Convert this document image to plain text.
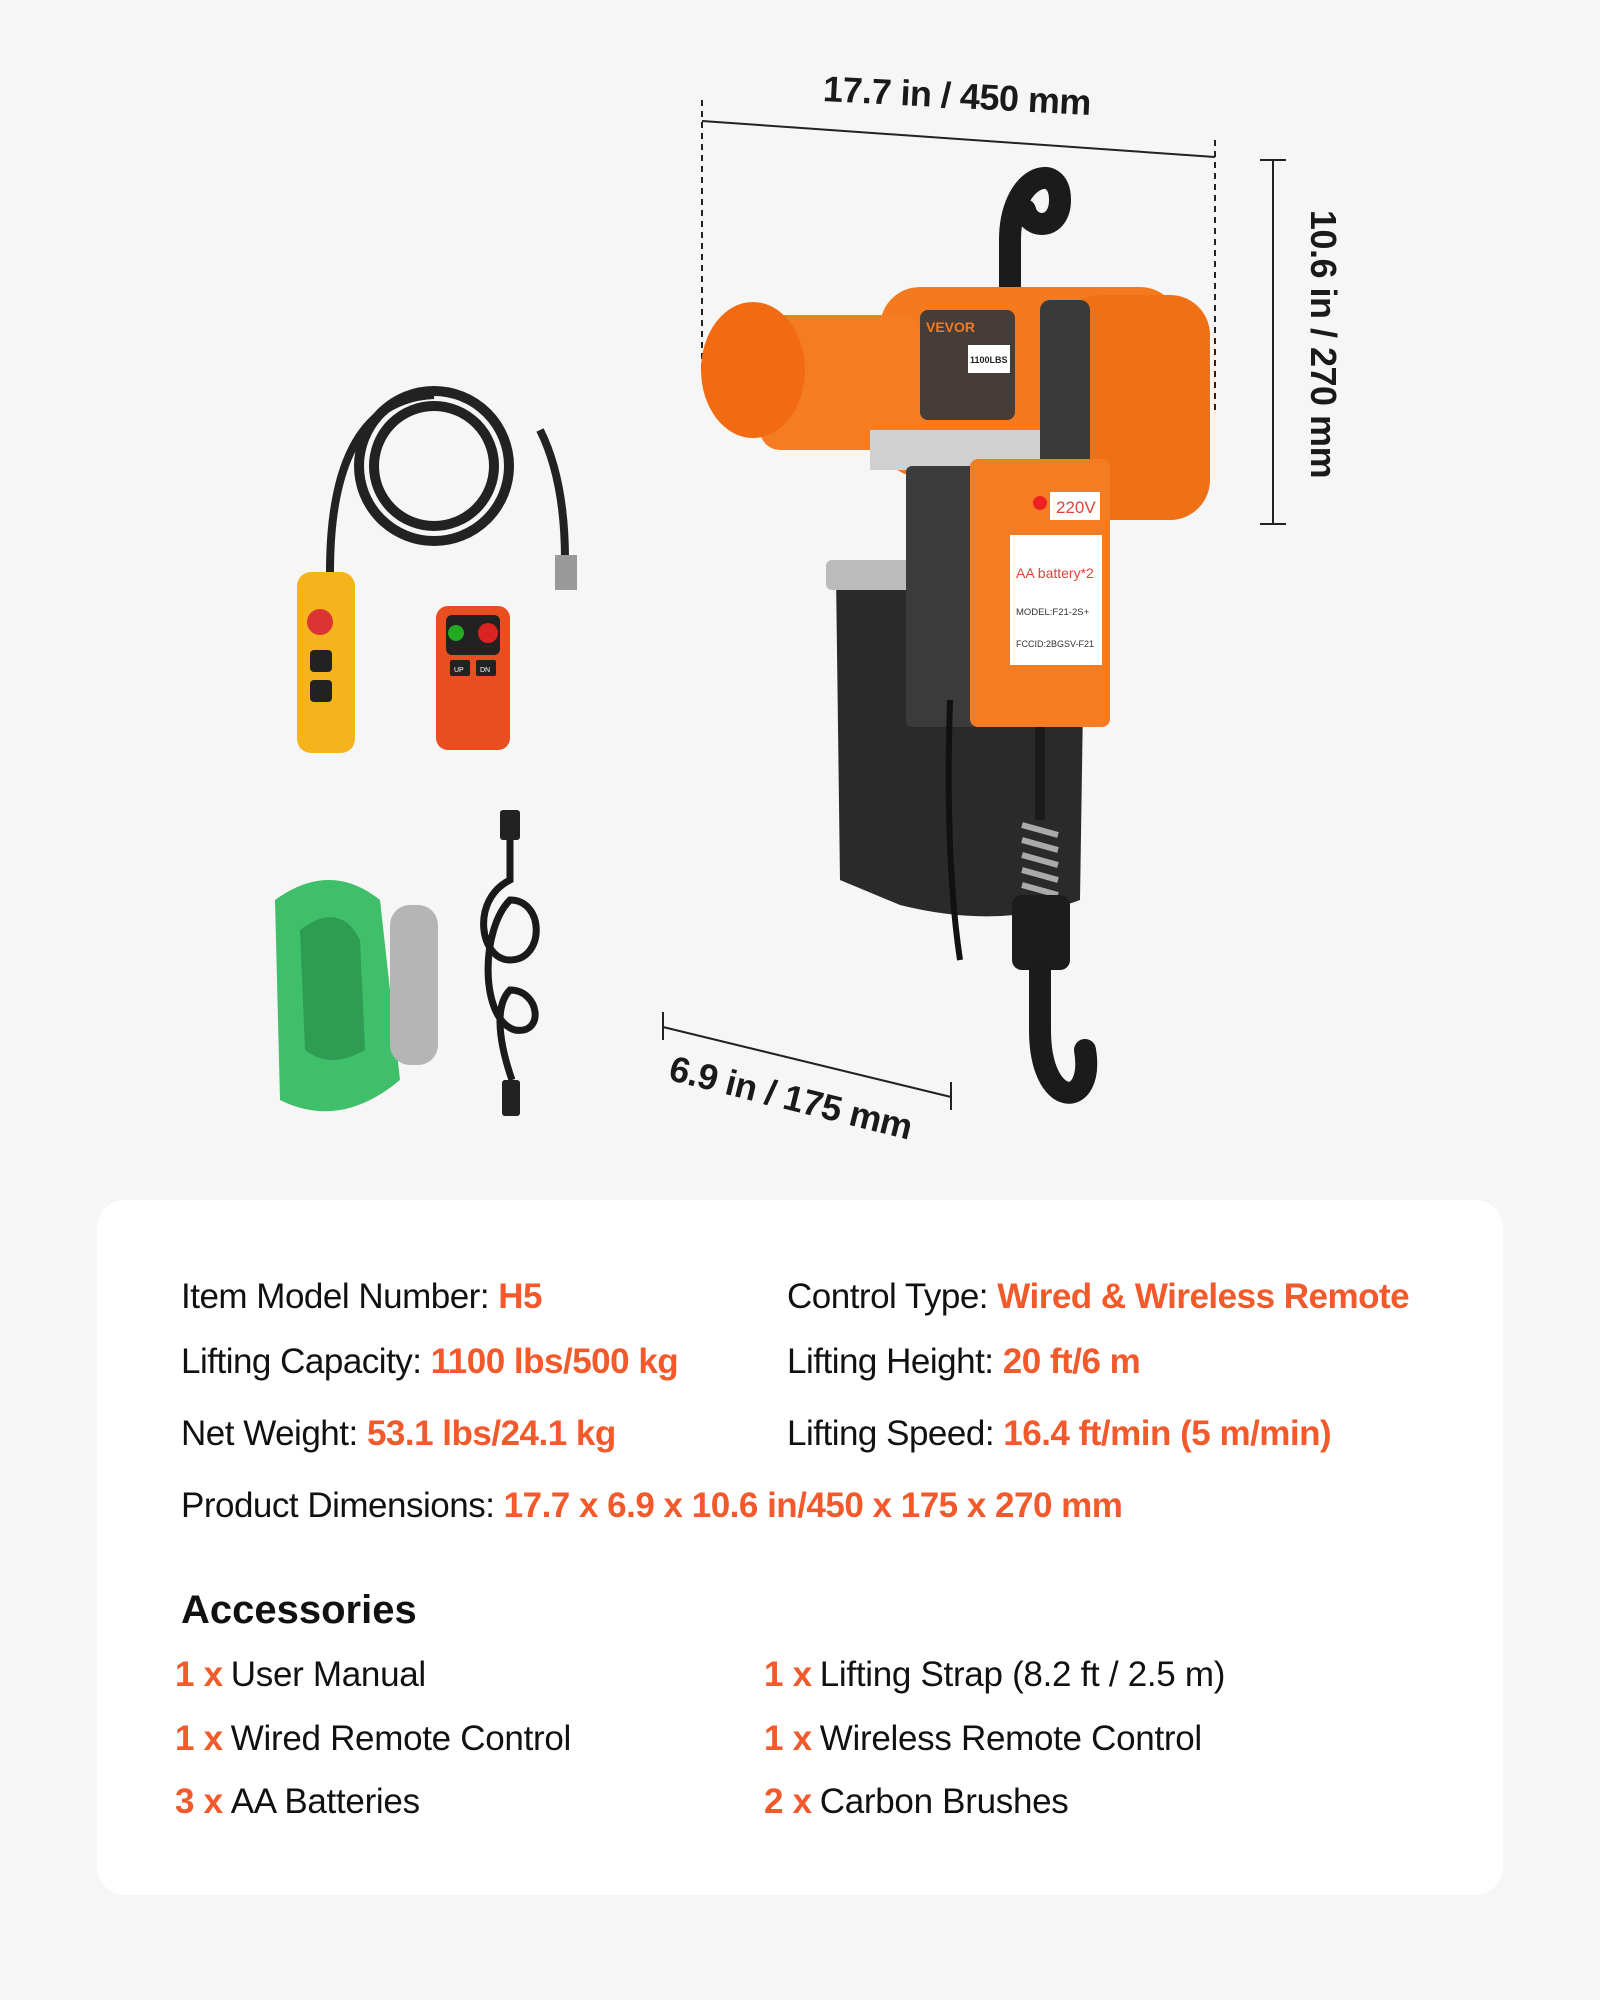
17.7 in / 450 mm
10.6 in / 270 mm
6.9 in / 175 mm
VEVOR
1100LBS
220V
AA battery*2
MODEL:F21-2S+
FCCID:2BGSV-F21
UP DN
Item Model Number: H5	Control Type: Wired & Wireless Remote
Lifting Capacity: 1100 lbs/500 kg	Lifting Height: 20 ft/6 m
Net Weight: 53.1 lbs/24.1 kg	Lifting Speed: 16.4 ft/min (5 m/min)
Product Dimensions: 17.7 x 6.9 x 10.6 in/450 x 175 x 270 mm
Accessories
1 x User Manual	1 x Lifting Strap (8.2 ft / 2.5 m)
1 x Wired Remote Control	1 x Wireless Remote Control
3 x AA Batteries	2 x Carbon Brushes
